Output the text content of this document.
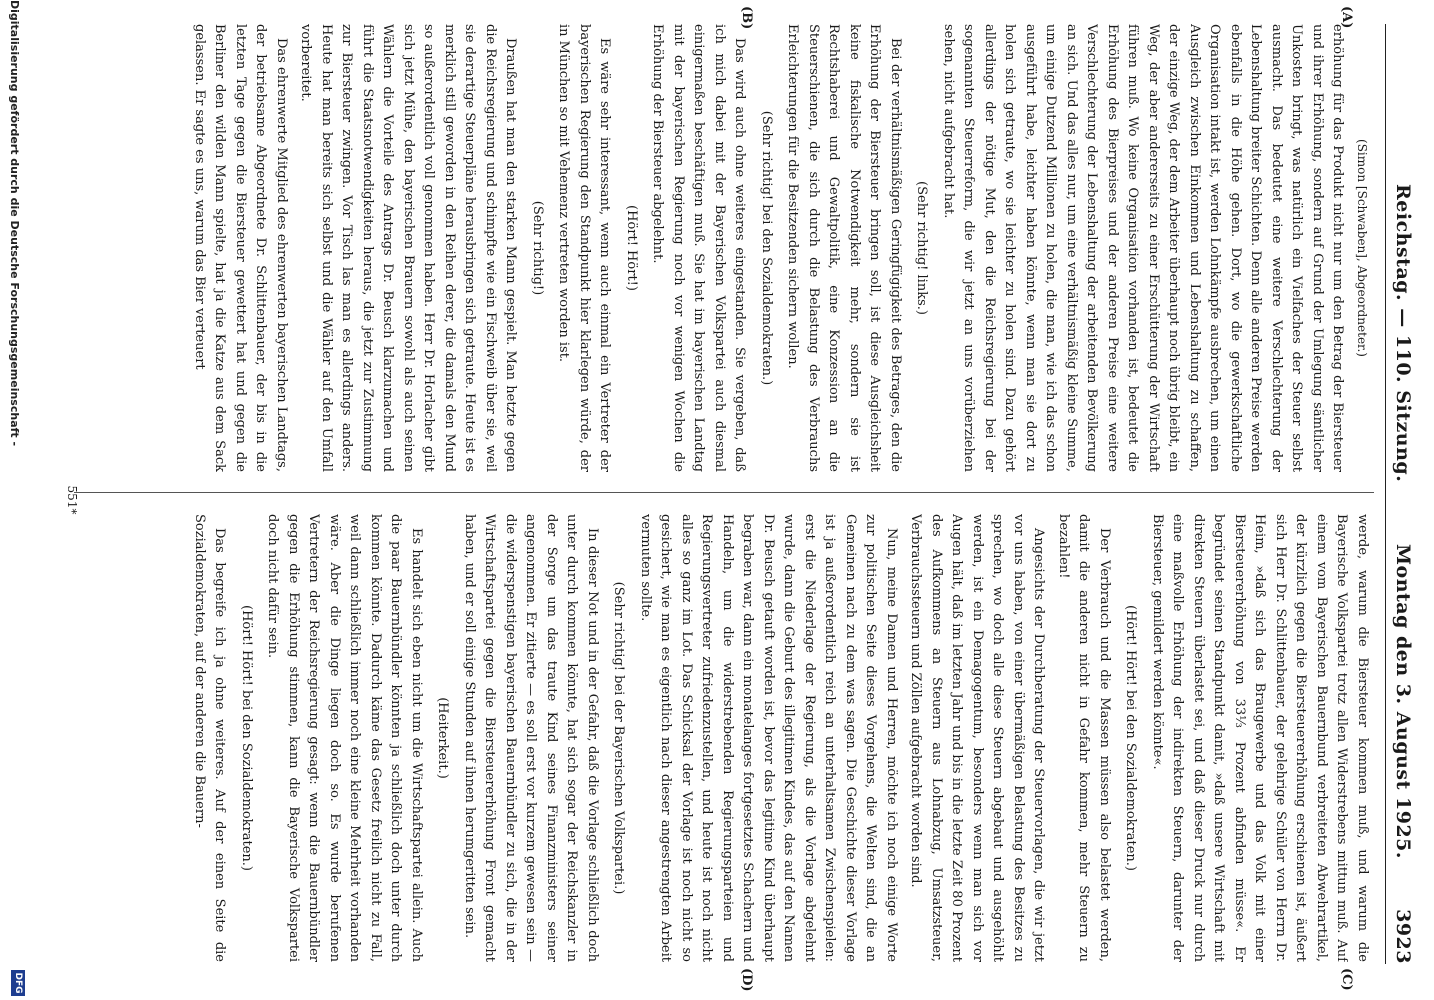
Reichstag. — 110. Sitzung.
Montag den 3. August 1925.
3923

(Simon [Schwaben], Abgeordneter.)

erhöhung für das Produkt nicht nur um den Betrag der Biersteuer und ihrer Erhöhung, sondern auf Grund der Umlegung sämtlicher Unkosten bringt, was natürlich ein Vielfaches der Steuer selbst ausmacht. Das bedeutet eine weitere Verschlechterung der Lebenshaltung breiter Schichten. Denn alle anderen Preise werden ebenfalls in die Höhe gehen. Dort, wo die gewerkschaftliche Organisation intakt ist, werden Lohnkämpfe ausbrechen, um einen Ausgleich zwischen Einkommen und Lebenshaltung zu schaffen, der einzige Weg, der dem Arbeiter überhaupt noch übrig bleibt, ein Weg, der aber andererseits zu einer Erschütterung der Wirtschaft führen muß. Wo keine Organisation vorhanden ist, bedeutet die Erhöhung des Bierpreises und der anderen Preise eine weitere Verschlechterung der Lebenshaltung der arbeitenden Bevölkerung an sich. Und das alles nur, um eine verhältnismäßig kleine Summe, um einige Dutzend Millionen zu holen, die man, wie ich das schon ausgeführt habe, leichter haben könnte, wenn man sie dort zu holen sich getraute, wo sie leichter zu holen sind. Dazu gehört allerdings der nötige Mut, den die Reichsregierung bei der sogenannten Steuerreform, die wir jetzt an uns vorüberziehen sehen, nicht aufgebracht hat.

(Sehr richtig! links.)

Bei der verhältnismäßigen Geringfügigkeit des Betrages, den die Erhöhung der Biersteuer bringen soll, ist diese Ausgleichsheit keine fiskalische Notwendigkeit mehr, sondern sie ist Rechtshaberei und Gewaltpolitik, eine Konzession an die Steuerschienen, die sich durch die Belastung des Verbrauchs Erleichterungen für die Besitzenden sichern wollen.

(Sehr richtig! bei den Sozialdemokraten.)

Das wird auch ohne weiteres eingestanden. Sie vergeben, daß ich mich dabei mit der Bayerischen Volkspartei auch diesmal einigermaßen beschäftigen muß. Sie hat im bayerischen Landtag mit der bayerischen Regierung noch vor wenigen Wochen die Erhöhung der Biersteuer abgelehnt.

(Hört! Hört!)

Es wäre sehr interessant, wenn auch einmal ein Vertreter der bayerischen Regierung den Standpunkt hier klarlegen würde, der in München so mit Vehemenz vertreten worden ist.

(Sehr richtig!)

Draußen hat man den starken Mann gespielt. Man hetzte gegen die Reichsregierung und schimpfte wie ein Fischweib über sie, weil sie derartige Steuerpläne herausbringen sich getraute. Heute ist es merklich still geworden in den Reihen derer, die damals den Mund so außerordentlich voll genommen haben. Herr Dr. Horlacher gibt sich jetzt Mühe, den bayerischen Brauern sowohl als auch seinen Wählern die Vorteile des Antrags Dr. Beusch klarzumachen und führt die Staatsnotwendigkeiten heraus, die jetzt zur Zustimmung zur Biersteuer zwingen. Vor Tisch las man es allerdings anders. Heute hat man bereits sich selbst und die Wähler auf den Umfall vorbereitet.

Das ehrenwerte Mitglied des ehrenwerten bayerischen Landtags, der betriebsame Abgeordnete Dr. Schlittenbauer, der bis in die letzten Tage gegen die Biersteuer gewettert hat und gegen die Berliner den wilden Mann spielte, hat ja die Katze aus dem Sack gelassen. Er sagte es uns, warum das Bier verteuert

werde, warum die Biersteuer kommen muß, und warum die Bayerische Volkspartei trotz allen Widerstrebens mittun muß. Auf einem vom Bayerischen Bauernbund verbreiteten Abwehrartikel, der kürzlich gegen die Biersteuererhöhung erschienen ist, äußert sich Herr Dr. Schlittenbauer, der gelehrige Schüler von Herrn Dr. Heim, »daß sich das Braugewerbe und das Volk mit einer Biersteuererhöhung von 33⅓ Prozent abfinden müsse«. Er begründet seinen Standpunkt damit, »daß unsere Wirtschaft mit direkten Steuern überlastet sei, und daß dieser Druck nur durch eine maßvolle Erhöhung der indirekten Steuern, darunter der Biersteuer, gemildert werden könnte«.

(Hört! Hört! bei den Sozialdemokraten.)

Der Verbrauch und die Massen müssen also belastet werden, damit die anderen nicht in Gefahr kommen, mehr Steuern zu bezahlen!

Angesichts der Durchberatung der Steuervorlagen, die wir jetzt vor uns haben, von einer übermäßigen Belastung des Besitzes zu sprechen, wo doch alle diese Steuern abgebaut und ausgehöhlt werden, ist ein Demagogentum, besonders wenn man sich vor Augen hält, daß im letzten Jahr und bis in die letzte Zeit 80 Prozent des Aufkommens an Steuern aus Lohnabzug, Umsatzsteuer, Verbrauchssteuern und Zöllen aufgebracht worden sind.

Nun, meine Damen und Herren, möchte ich noch einige Worte zur politischen Seite dieses Vorgehens, die Welten sind, die an Gemeinen nach zu dem was sagen. Die Geschichte dieser Vorlage ist ja außerordentlich reich an unterhaltsamen Zwischenspielen: erst die Niederlage der Regierung, als die Vorlage abgelehnt wurde, dann die Geburt des illegitimen Kindes, das auf den Namen Dr. Beusch getauft worden ist, bevor das legitime Kind überhaupt begraben war, dann ein monatelanges fortgesetztes Schachern und Handeln, um die widerstrebenden Regierungsparteien und Regierungsvertreter zufriedenzustellen, und heute ist noch nicht alles so ganz im Lot. Das Schicksal der Vorlage ist noch nicht so gesichert, wie man es eigentlich nach dieser angestrengten Arbeit vermuten sollte.

(Sehr richtig! bei der Bayerischen Volkspartei.)

In dieser Not und in der Gefahr, daß die Vorlage schließlich doch unter durch kommen könnte, hat sich sogar der Reichskanzler in der Sorge um das traute Kind seines Finanzministers seiner angenommen. Er zitierte — es soll erst vor kurzem gewesen sein — die widerspenstigen bayerischen Bauernbündler zu sich, die in der Wirtschaftspartei gegen die Biersteuererhöhung Front gemacht haben, und er soll einige Stunden auf ihnen herumgeritten sein.

(Heiterkeit.)

Es handelt sich eben nicht um die Wirtschaftspartei allein. Auch die paar Bauernbündler könnten ja schließlich doch unter durch kommen könnte. Dadurch käme das Gesetz freilich nicht zu Fall, weil dann schließlich immer noch eine kleine Mehrheit vorhanden wäre. Aber die Dinge liegen doch so. Es wurde berufenen Vertretern der Reichsregierung gesagt: wenn die Bauernbündler gegen die Erhöhung stimmen, kann die Bayerische Volkspartei doch nicht dafür sein.

(Hört! Hört! bei den Sozialdemokraten.)

Das begreife ich ja ohne weiteres. Auf der einen Seite die Sozialdemokraten, auf der anderen die Bauern-

(A)
(B)
(C)
(D)
551*
Digitalisierung gefördert durch die Deutsche Forschungsgemeinschaft -
DFG
